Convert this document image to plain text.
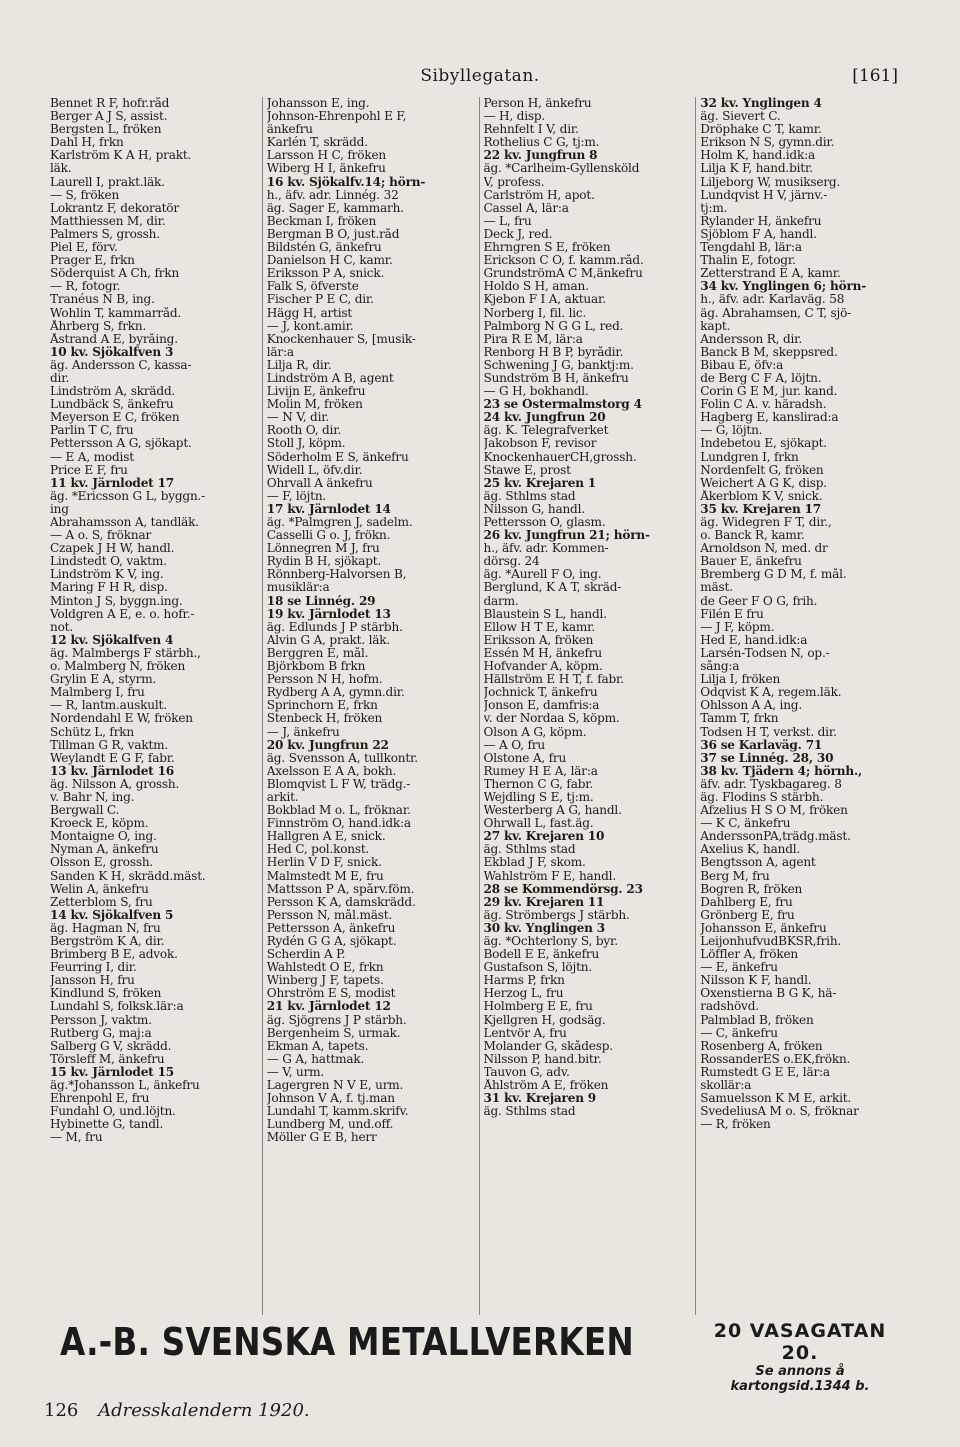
Sibyllegatan.	[161]
Bennet R F, hofr.råd
Berger A J S, assist.
Bergsten L, fröken
Dahl H, frkn
Karlström K A H, prakt.
läk.
Laurell I, prakt.läk.
— S, fröken
Lokrantz F, dekoratör
Matthiessen M, dir.
Palmers S, grossh.
Piel E, förv.
Prager E, frkn
Söderquist A Ch, frkn
— R, fotogr.
Tranéus N B, ing.
Wohlin T, kammarråd.
Åhrberg S, frkn.
Åstrand A E, byråing.
10 kv. Sjökalfven 3
äg. Andersson C, kassa-
dir.
Lindström A, skrädd.
Lundbäck S, änkefru
Meyerson E C, fröken
Parlin T C, fru
Pettersson A G, sjökapt.
— E A, modist
Price E F, fru
11 kv. Järnlodet 17
äg. *Ericsson G L, byggn.-
ing
Abrahamsson A, tandläk.
— A o. S, fröknar
Czapek J H W, handl.
Lindstedt O, vaktm.
Lindström K V, ing.
Maring F H R, disp.
Minton J S, byggn.ing.
Voldgren A E, e. o. hofr.-
not.
12 kv. Sjökalfven 4
äg. Malmbergs F stärbh.,
o. Malmberg N, fröken
Grylin E A, styrm.
Malmberg I, fru
— R, lantm.auskult.
Nordendahl E W, fröken
Schütz L, frkn
Tillman G R, vaktm.
Weylandt E G F, fabr.
13 kv. Järnlodet 16
äg. Nilsson A, grossh.
v. Bahr N, ing.
Bergwall C.
Kroeck E, köpm.
Montaigne O, ing.
Nyman A, änkefru
Olsson E, grossh.
Sanden K H, skrädd.mäst.
Welin A, änkefru
Zetterblom S, fru
14 kv. Sjökalfven 5
äg. Hagman N, fru
Bergström K A, dir.
Brimberg B E, advok.
Feurring I, dir.
Jansson H, fru
Kindlund S, fröken
Lundahl S, folksk.lär:a
Persson J, vaktm.
Rutberg G, maj:a
Salberg G V, skrädd.
Törsleff M, änkefru
15 kv. Järnlodet 15
äg.*Johansson L, änkefru
Ehrenpohl E, fru
Fundahl O, und.löjtn.
Hybinette G, tandl.
— M, fru
Johansson E, ing.
Johnson-Ehrenpohl E F,
änkefru
Karlén T, skrädd.
Larsson H C, fröken
Wiberg H I, änkefru
16 kv. Sjökalfv.14; hörn-
h., äfv. adr. Linnég. 32
äg. Sager E, kammarh.
Beckman I, fröken
Bergman B O, just.råd
Bildstén G, änkefru
Danielson H C, kamr.
Eriksson P A, snick.
Falk S, öfverste
Fischer P E C, dir.
Hägg H, artist
— J, kont.amir.
Knockenhauer S, [musik-
lär:a
Lilja R, dir.
Lindström A B, agent
Livijn E, änkefru
Molin M, fröken
— N V, dir.
Rooth O, dir.
Stoll J, köpm.
Söderholm E S, änkefru
Widell L, öfv.dir.
Öhrvall A änkefru
— F, löjtn.
17 kv. Järnlodet 14
äg. *Palmgren J, sadelm.
Casselli G o. J, frökn.
Lönnegren M J, fru
Rydin B H, sjökapt.
Rönnberg-Halvorsen B,
musiklär:a
18 se Linnég. 29
19 kv. Järnlodet 13
äg. Edlunds J P stärbh.
Alvin G A, prakt. läk.
Berggren E, mål.
Björkbom B frkn
Persson N H, hofm.
Rydberg A A, gymn.dir.
Sprinchorn E, frkn
Stenbeck H, fröken
— J, änkefru
20 kv. Jungfrun 22
äg. Svensson A, tullkontr.
Axelsson E A A, bokh.
Blomqvist L F W, trädg.-
arkit.
Bokblad M o. L, fröknar.
Finnström O, hand.idk:a
Hallgren A E, snick.
Hed C, pol.konst.
Herlin V D F, snick.
Malmstedt M E, fru
Mattsson P A, spårv.föm.
Persson K A, damskrädd.
Persson N, mål.mäst.
Pettersson A, änkefru
Rydén G G A, sjökapt.
Scherdin A P.
Wahlstedt O E, frkn
Winberg J F, tapets.
Öhrström E S, modist
21 kv. Järnlodet 12
äg. Sjögrens J P stärbh.
Bergenheim S, urmak.
Ekman A, tapets.
— G A, hattmak.
— V, urm.
Lagergren N V E, urm.
Johnson V A, f. tj.man
Lundahl T, kamm.skrifv.
Lundberg M, und.off.
Möller G E B, herr
Person H, änkefru
— H, disp.
Rehnfelt I V, dir.
Rothelius C G, tj:m.
22 kv. Jungfrun 8
äg. *Carlheim-Gyllensköld
V, profess.
Carlström H, apot.
Cassel A, lär:a
— L, fru
Deck J, red.
Ehrngren S E, fröken
Erickson C O, f. kamm.råd.
GrundströmA C M,änkefru
Holdo S H, aman.
Kjebon F I A, aktuar.
Norberg I, fil. lic.
Palmborg N G G L, red.
Pira R E M, lär:a
Renborg H B P, byrådir.
Schwening J G, banktj:m.
Sundström B H, änkefru
— G H, bokhandl.
23 se Östermalmstorg 4
24 kv. Jungfrun 20
äg. K. Telegrafverket
Jakobson F, revisor
KnockenhauerCH,grossh.
Stawe E, prost
25 kv. Krejaren 1
äg. Sthlms stad
Nilsson G, handl.
Pettersson O, glasm.
26 kv. Jungfrun 21; hörn-
h., äfv. adr. Kommen-
dörsg. 24
äg. *Aurell F O, ing.
Berglund, K A T, skräd-
darm.
Blaustein S L, handl.
Ellow H T E, kamr.
Eriksson A, fröken
Essén M H, änkefru
Hofvander A, köpm.
Hällström E H T, f. fabr.
Jochnick T, änkefru
Jonson E, damfris:a
v. der Nordaa S, köpm.
Olson A G, köpm.
— A O, fru
Olstone A, fru
Rumey H E A, lär:a
Thernon C G, fabr.
Wejdling S E, tj:m.
Westerberg A G, handl.
Öhrwall L, fast.äg.
27 kv. Krejaren 10
äg. Sthlms stad
Ekblad J F, skom.
Wahlström F E, handl.
28 se Kommendörsg. 23
29 kv. Krejaren 11
äg. Strömbergs J stärbh.
30 kv. Ynglingen 3
äg. *Ochterlony S, byr.
Bodell E E, änkefru
Gustafson S, löjtn.
Harms P, frkn
Herzog L, fru
Holmberg E E, fru
Kjellgren H, godsäg.
Lentvör A, fru
Molander G, skådesp.
Nilsson P, hand.bitr.
Tauvon G, adv.
Åhlström A E, fröken
31 kv. Krejaren 9
äg. Sthlms stad
32 kv. Ynglingen 4
äg. Sievert C.
Dröphake C T, kamr.
Erikson N S, gymn.dir.
Holm K, hand.idk:a
Lilja K F, hand.bitr.
Liljeborg W, musikserg.
Lundqvist H V, järnv.-
tj:m.
Rylander H, änkefru
Sjöblom F A, handl.
Tengdahl B, lär:a
Thalin E, fotogr.
Zetterstrand E A, kamr.
34 kv. Ynglingen 6; hörn-
h., äfv. adr. Karlaväg. 58
äg. Abrahamsen, C T, sjö-
kapt.
Andersson R, dir.
Banck B M, skeppsred.
Bibau E, öfv:a
de Berg C F A, löjtn.
Corin G E M, jur. kand.
Folin C A. v. häradsh.
Hagberg E, kanslirad:a
— G, löjtn.
Indebetou E, sjökapt.
Lundgren I, frkn
Nordenfelt G, fröken
Weichert A G K, disp.
Åkerblom K V, snick.
35 kv. Krejaren 17
äg. Widegren F T, dir.,
o. Banck R, kamr.
Arnoldson N, med. dr
Bauer E, änkefru
Bremberg G D M, f. mål.
mäst.
de Geer F O G, frih.
Filén E fru
— J F, köpm.
Hed E, hand.idk:a
Larsén-Todsen N, op.-
sång:a
Lilja I, fröken
Odqvist K A, regem.läk.
Ohlsson A A, ing.
Tamm T, frkn
Todsen H T, verkst. dir.
36 se Karlaväg. 71
37 se Linnég. 28, 30
38 kv. Tjädern 4; hörnh.,
äfv. adr. Tyskbagareg. 8
äg. Flodins S stärbh.
Afzelius H S O M, fröken
— K C, änkefru
AnderssonPA,trädg.mäst.
Axelius K, handl.
Bengtsson A, agent
Berg M, fru
Bogren R, fröken
Dahlberg E, fru
Grönberg E, fru
Johansson E, änkefru
LeijonhufvudBKSR,frih.
Löffler A, fröken
— E, änkefru
Nilsson K F, handl.
Oxenstierna B G K, hä-
radshövd.
Palmblad B, fröken
— C, änkefru
Rosenberg A, fröken
RossanderES o.EK,frökn.
Rumstedt G E E, lär:a
skollär:a
Samuelsson K M E, arkit.
SvedeliusA M o. S, fröknar
— R, fröken
A.-B. SVENSKA METALLVERKEN	20 VASAGATAN 20.
Se annons å kartongsid.1344 b.
126 Adresskalendern 1920.
